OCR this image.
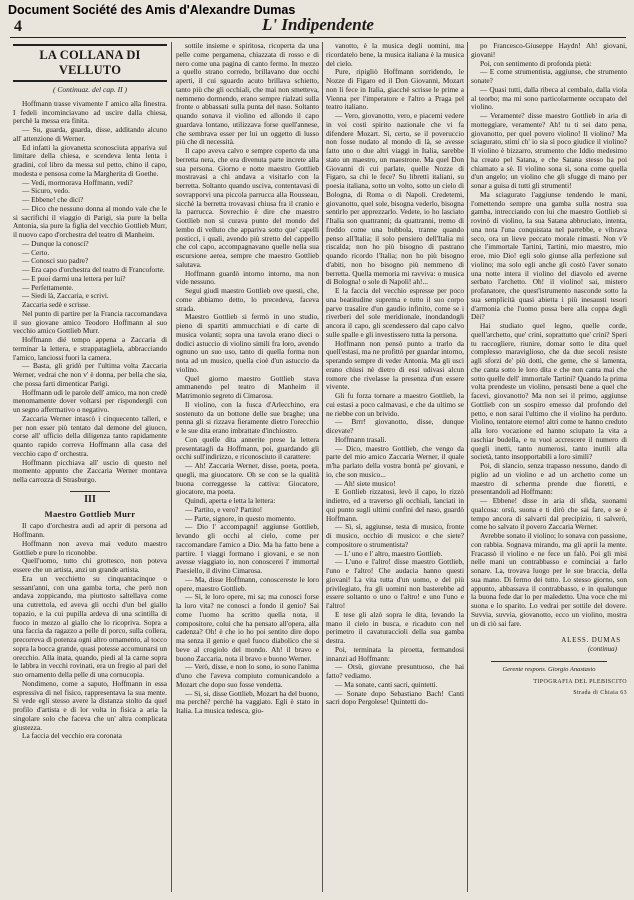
Document Société des Amis d'Alexandre Dumas
4	L' Indipendente
LA COLLANA DI VELLUTO
( Continuaz. del cap. II )

Hoffmann trasse vivamente l' amico alla finestra. I fedeli incominciavano ad uscire dalla chiesa, perchè la messa era finita.

— Su, guarda, guarda, disse, additando alcuno all' attenzione di Werner.

Ed infatti la giovanetta sconosciuta appariva sul limitare della chiesa, e scendeva lenta lenta i gradini, col libro da messa sul petto, chino il capo, modesta e pensosa come la Margherita di Goethe.

— Vedi, mormorava Hoffmann, vedi?

— Sicuro, vedo.

— Ebbene! che dici?

— Dico che nessuno donna al mondo vale che le si sacrifichi il viaggio di Parigi, sia pure la bella Antonia, sia pure la figlia del vecchio Gottlieb Murr, il nuovo capo d'orchestra del teatro di Manheim.

— Dunque la conosci?

— Certo.

— Conosci suo padre?

— Era capo d'orchestra del teatro di Francoforte.

— E puoi darmi una lettera per lui?

— Perfettamente.

— Siedi là, Zaccaria, e scrivi.

Zaccaria sedè e scrisse.

Nel punto di partire per la Francia raccomandava il suo giovane amico Teodoro Hoffmann al suo vecchio amico Gottlieb Murr.

Hoffmann dié tempo appena a Zaccaria di terminar la lettera, e strappatagliela, abbracciando l'amico, lanciossi fuori la camera.

— Basta, gli gridò per l'ultima volta Zaccaria Werner, vedrai che non v' è donna, per bella che sia, che possa farti dimenticar Parigi.

Hoffmann udì le parole dell' amico, ma non credè menomamente dover voltarsi per rispondergli con un segno affermativo o negativo.

Zaccaria Werner intascò i cinquecento talleri, e per non esser più tentato dal demone del giuoco, corse all' ufficio della diligenza tanto rapidamente quanto rapido correva Hoffmann alla casa del vecchio capo d' orchestra.

Hoffmann picchiava all' uscio di questo nel momento appunto che Zaccaria Werner montava nella carrozza di Strasburgo.

III
Maestro Gottlieb Murr

Il capo d'orchestra audì ad aprir di persona ad Hoffmann.

Hoffmann non aveva mai veduto maestro Gottlieb e pure lo riconobbe.

Quell'uomo, tutto chi grottesco, non poteva essere che un artista, anzi un grande artista.

Era un vecchietto su cinquantacinque o sessant'anni, con una gamba torta, che però non andava zoppicando, ma piuttosto saltellava come una cutrettola, ed aveva gli occhi d'un bel giallo topazio, e la cui pupilla ardeva di una scintilla di fuoco in mezzo al giallo che lo ricopriva. Sopra a una faccia da ragazzo a pelle di porco, sulla collera, precorreva di potenza ogni altro ornamento, al tocco sopra la bocca grande, quasi potesse accomunarsi un orecchio. Alla inata, quando, piedi al la carne sopra le labbra in vecchi rovinati, era un fregio al pari del suo ornamento della pelle di una cornucopia.

Nondimeno, come a saputo, Hoffmann in essa espressiva di nel fisico, rappresentava la sua mente. Si vede egli stesso avere la distanza stolto da quel profilo d'artista e di lor volta in fisica a aria la singolare solo che faceva che un' altra complicata giustezza.

La faccia del vecchio era coronata

sottile insieme e spiritosa, ricoperta da una pelle come pergamena, chiazzata di rosso e di nero come una pagina di canto fermo. In mezzo a quello strano corredo, brillavano due occhi aperti, il cui sguardo acuto brillava schietto, tanto più che gli occhiali, che mai non smetteva, nemmeno dormendo, erano sempre rialzati sulla fronte o abbassati sulla punta del naso. Soltanto quando sonava il violino ed allondo il capo guardava lontano, utilizzava forse quell'annese, che sembrava esser per lui un oggetto di lusso più che di necessità.

Il capo aveva calvo e sempre coperto da una berretta nera, che era divenuta parte increte alla sua persona. Giorno e notte maestro Gottlieb mostravasi a chi andava a visitarlo con la berretta. Soltanto quando usciva, contentavasi di sovrapporvi una piccola parrucca alla Rousseau, sicchè la berretta trovavasi chiusa fra il cranio e la parrucca. Sovrechio è dire che maestro Gottlieb non si curava punto del mondo del lembo di velluto che appariva sotto que' capelli posticci, i quali, avendo più stretto del cappello che col capo, accompagnavano quelle nella sua escursione aerea, sempre che maestro Gottlieb salutava.

Hoffmann guardò intorno intorno, ma non vide nessuno.

Seguì giudì maestro Gottlieb ove questi, che, come abbiamo detto, lo precedeva, faceva strada.

Maestro Gottlieb si fermò in uno studio, pieno di spartiti ammucchiati e di carte di musica volanti; sopra una tavola erano dieci o dodici astuccio di violino simili fra loro, avendo ognuno un suo uso, tanto di quella forma non nota ad un musico, quella cioè d'un astuccio da violino.

Quel giorno maestro Gottlieb stava ammanendo pel teatro di Manheim il Matrimonio segreto di Cimarosa.

Il violino, con la fusca d'Arlecchino, era sostenuto da un bottone delle sue braghe; una penna gli si rizzava fieramente dietro l'orecchio e le sue dita erano imbrattate d'inchiostro.

Con quelle dita annerite prese la lettera presentatagli da Hoffmann, poi, guardando gli occhi sull'indirizzo, e riconosciuto il carattere:

— Ah! Zaccaria Werner, disse, poeta, poeta, quegli, ma giuocatore. Oh se con se la qualità buona correggesse la cattiva: Giocatore, giocatore, ma poeta.

Quindi, aperta e letta la lettera:

— Partito, e vero? Partito!

— Parte, signore, in questo momento.

— Dio l' accompagni! aggiunse Gottlieb, levando gli occhi al cielo, come per raccomandare l'amico a Dio. Ma ha fatto bene a partire. I viaggi formano i giovani, e se non avesse viaggiato io, non conoscerei l' immortal Paesiello, il divino Cimarosa.

— Ma, disse Hoffmann, conoscereste le loro opere, maestro Gottlieb.

— Sì, le loro opere, mi sa; ma conosci forse la loro vita? ne conosci a fondo il genio? Sai come l'uomo ha scritto quella nota, il compositore, colui che ha pensato all'opera, alla cadenza? Oh! è che io ho poi sentito dire dopo ma senza il genio e quel fuoco diabolico che si beve al crogiolo del mondo. Ah! il bravo e buono Zaccaria, nota il bravo e buono Werner.

— Verò, disse, e non lo sono, io sono l'anima d'uno che l'aveva compiuto comunicandolo a Mozart che dopo suo fosse vendetta.

— Si, si, disse Gottlieb, Mozart ha del buono, ma perchè? perchè ha vaggiato. Egli è stato in Italia. La musica tedesca, gio-

vanotto, è la musica degli uomini, ma ricordatelo bene, la musica italiana è la musica del cielo.

Pure, ripigliò Hoffmann sorridendo, le Nozze di Figaro ed il Don Giovanni, Mozart non li fece in Italia, giacchè scrisse le prime a Vienna per l'imperatore e l'altro a Praga pel teatro italiano.

— Vero, giovanotto, vero, e piacemi vedere in voi costì spirito nazionale che vi fa difendere Mozart. Sì, certo, se il poveruccio non fosse nudato al mondo di là, se avesse fatto uno o due altri viaggi in Italia, sarebbe stato un maestro, un maestrone. Ma quel Don Giovanni di cui parlate, quelle Nozze di Figaro, sa chi le fece? Su libretti italiani, su poesia italiana, sotto un volto, sotto un cielo di Bologna, di Roma o di Napoli. Credetemi, giovanotto, quel sole, bisogna vederlo, bisogna sentirlo per apprezzarlo. Vedete, io ho lasciato l'Italia son quattranni; da quattranni, tremo di freddo come una bubbola, tranne quando penso all'Italia; il solo pensiero dell'Italia mi riscalda; non ho più bisogno di pastrano quando ricordo l'Italia; non ho più bisogno d'abiti, non ho bisogno più nemmeno di berretta. Quella memoria mi ravviva: o musica di Bologna! o sole di Napoli! ah!...

E la faccia del vecchio espresse per poco una beatitudine suprema e tutto il suo corpo parve trasalire d'un gaudio infinito, come se i riverberi del sole meridionale, inondandogli ancora il capo, gli scendessero dal capo calvo sulle spalle e gli investissero tutta la persona.

Hoffmann non pensò punto a trarlo da quell'estasi, ma ne profittò per guardar intorno, sperando sempre di veder Antonia. Ma gli usci erano chiusi nè dietro di essi udivasi alcun romore che rivelasse la presenza d'un essere vivente.

Gli fu forza tornare a maestro Gottlieb, la cui estasi a poco calmavasi, e che da ultimo se ne riebbe con un brivido.

— Brrr! giovanotto, disse, dunque dicevate?

Hoffmann trasalì.

— Dico, maestro Gottlieb, che vengo da parte del mio amico Zaccaria Werner, il quale m'ha parlato della vostra bontà pe' giovani, e io, che son musico...

— Ah! siete musico!

E Gottlieb rizzatosi, levò il capo, lo rizzò indietro, ed a traverso gli occhiali, lanciati in qui punto sugli ultimi confini del naso, guardò Hoffmann.

— Sì, sì, aggiunse, testa di musico, fronte di musico, occhio di musico: e che siete? compositore o strumentista?

— L' uno e l' altro, maestro Gottlieb.

— L'uno e l'altro! disse maestro Gottlieb, l'uno e l'altro! Che audacia hanno questi giovani! La vita tutta d'un uomo, e del più privilegiato, fra gli uomini non basterebbe ad essere soltanto o uno o l'altro! e uno l'uno e l'altro!

E tese gli alzò sopra le dita, levando la mano il cielo in busca, e ricaduto con nel perimetro il cavaturaccioli della sua gamba destra.

Poi, terminata la piroetta, fermandosi innanzi ad Hoffmann:

— Orsù, giovane presuntuoso, che hai fatto? vediamo.

— Ma sonate, canti sacri, quintetti.

— Sonate dopo Sebastiano Bach! Canti sacri dopo Pergolese! Quintetti do-

po Francesco-Giuseppe Haydn! Ah! giovani, giovani!

Poi, con sentimento di profonda pietà:

— E come strumentista, aggiunse, che strumento sonate?

— Quasi tutti, dalla ribeca al cembalo, dalla viola al teorbo; ma mi sono particolarmente occupato del violino.

— Veramente? disse maestro Gottlieb in aria di motteggiare, veramente? Ah! tu ti sei dato pena, giovanotto, per quel povero violino! Il violino? Ma sciagurato, stimi ch' io sia sì poco giudice il violino? Il violino è bizzarro, strumento che Iddio medesimo ha creato pel Satana, e che Satana stesso ha poi chiamato a sè. Il violino sona sì, sona come quella d'un angelo; un violino che gli sfugge di mano per sonar a guisa di tutti gli strumenti!

Ma sciagurato l'aggiunse tendendo le mani, l'omettendo sempre una gamba sulla nostra sua gamba, intrecciando con lui che maestro Gottlieb si rovinò di violino, la sua Satana abbruciato, intenta, una nota l'una conquistata nel parrebbe, e vibrava seco, ora un lieve peccato morale rimasti. Non v'è che l'immortale Tartini, Tartini, mio maestro, mio eroe, mio Dio! egli solo giunse alla perfezione sul violino; ma solo egli anche gli costò l'aver sonato una notte intera il violino del diavolo ed averne serbato l'archetto. Oh! il violino! sai, mistero profanatore, che quest'istrumento nasconde sotto la sua semplicità quasi abietta i più inesausti tesori d'armonia che l'uomo possa bere alla coppa degli Dèi?

Hai studiato quel legno, quelle corde, quell'archetto, que' crini, soprattutto que' crini? Speri tu raccogliere, riunire, domar sotto le dita quel complesso maraviglioso, che da due secoli resiste agli sforzi de' più dotti, che geme, che si lamenta, che canta sotto le loro dita e che non canta mai che sotto quelle dell' immortale Tartini? Quando la prima volta prendeste un violino, pensasti bene a quel che facevi, giovanotto? Ma non sei il primo, aggiunse Gottlieb con un sospiro emesso dal profondo del petto, e non sarai l'ultimo che il violino ha perduto. Violino, tentatore eterno! altri come te hanno creduto alla loro vocazione ed hanno sciupato la vita a raschiar budella, e tu vuoi accrescere il numero di quegli inetti, tanto numerosi, tanto inutili alla società, tanto insopportabili a loro simili?

Poi, di slancio, senza trapasso nessuno, dando di piglio ad un violino e ad un archetto come un maestro di scherma prende due fioretti, e presentandoli ad Hoffmann:

— Ebbene! disse in aria di sfida, suonami qualcosa: orsù, suona e ti dirò che sai fare, e se è tempo ancora di salvarti dal precipizio, ti salverò, come ho salvato il povero Zaccaria Werner.

Avrebbe sonato il violino; lo sonava con passione, con rabbia. Sognava mirando, ma gli aprii la mente. Fracassò il violino e ne fece un falò. Poi gli misi nelle mani un contrabbasso e cominciai a farlo sonare. La, trovava luogo per le sue braccia, della sua mano. Di fermo dei tutto. Lo stesso giorno, son appunto, abbassava il contrabbasso, e in qualunque la buona fede dar lo per maledetto. Una voce che mi suona e lo sparito. Lo vedrai per sottile del dovere. Suvvia, suvvia, giovanotto, ecco un violino, mostra un di ciò sai fare.

ALESS. DUMAS
(continua)
Gerente respons. Giorgio Anastasio
TIPOGRAFIA DEL PLEBISCITO
Strada di Chiaia 63
